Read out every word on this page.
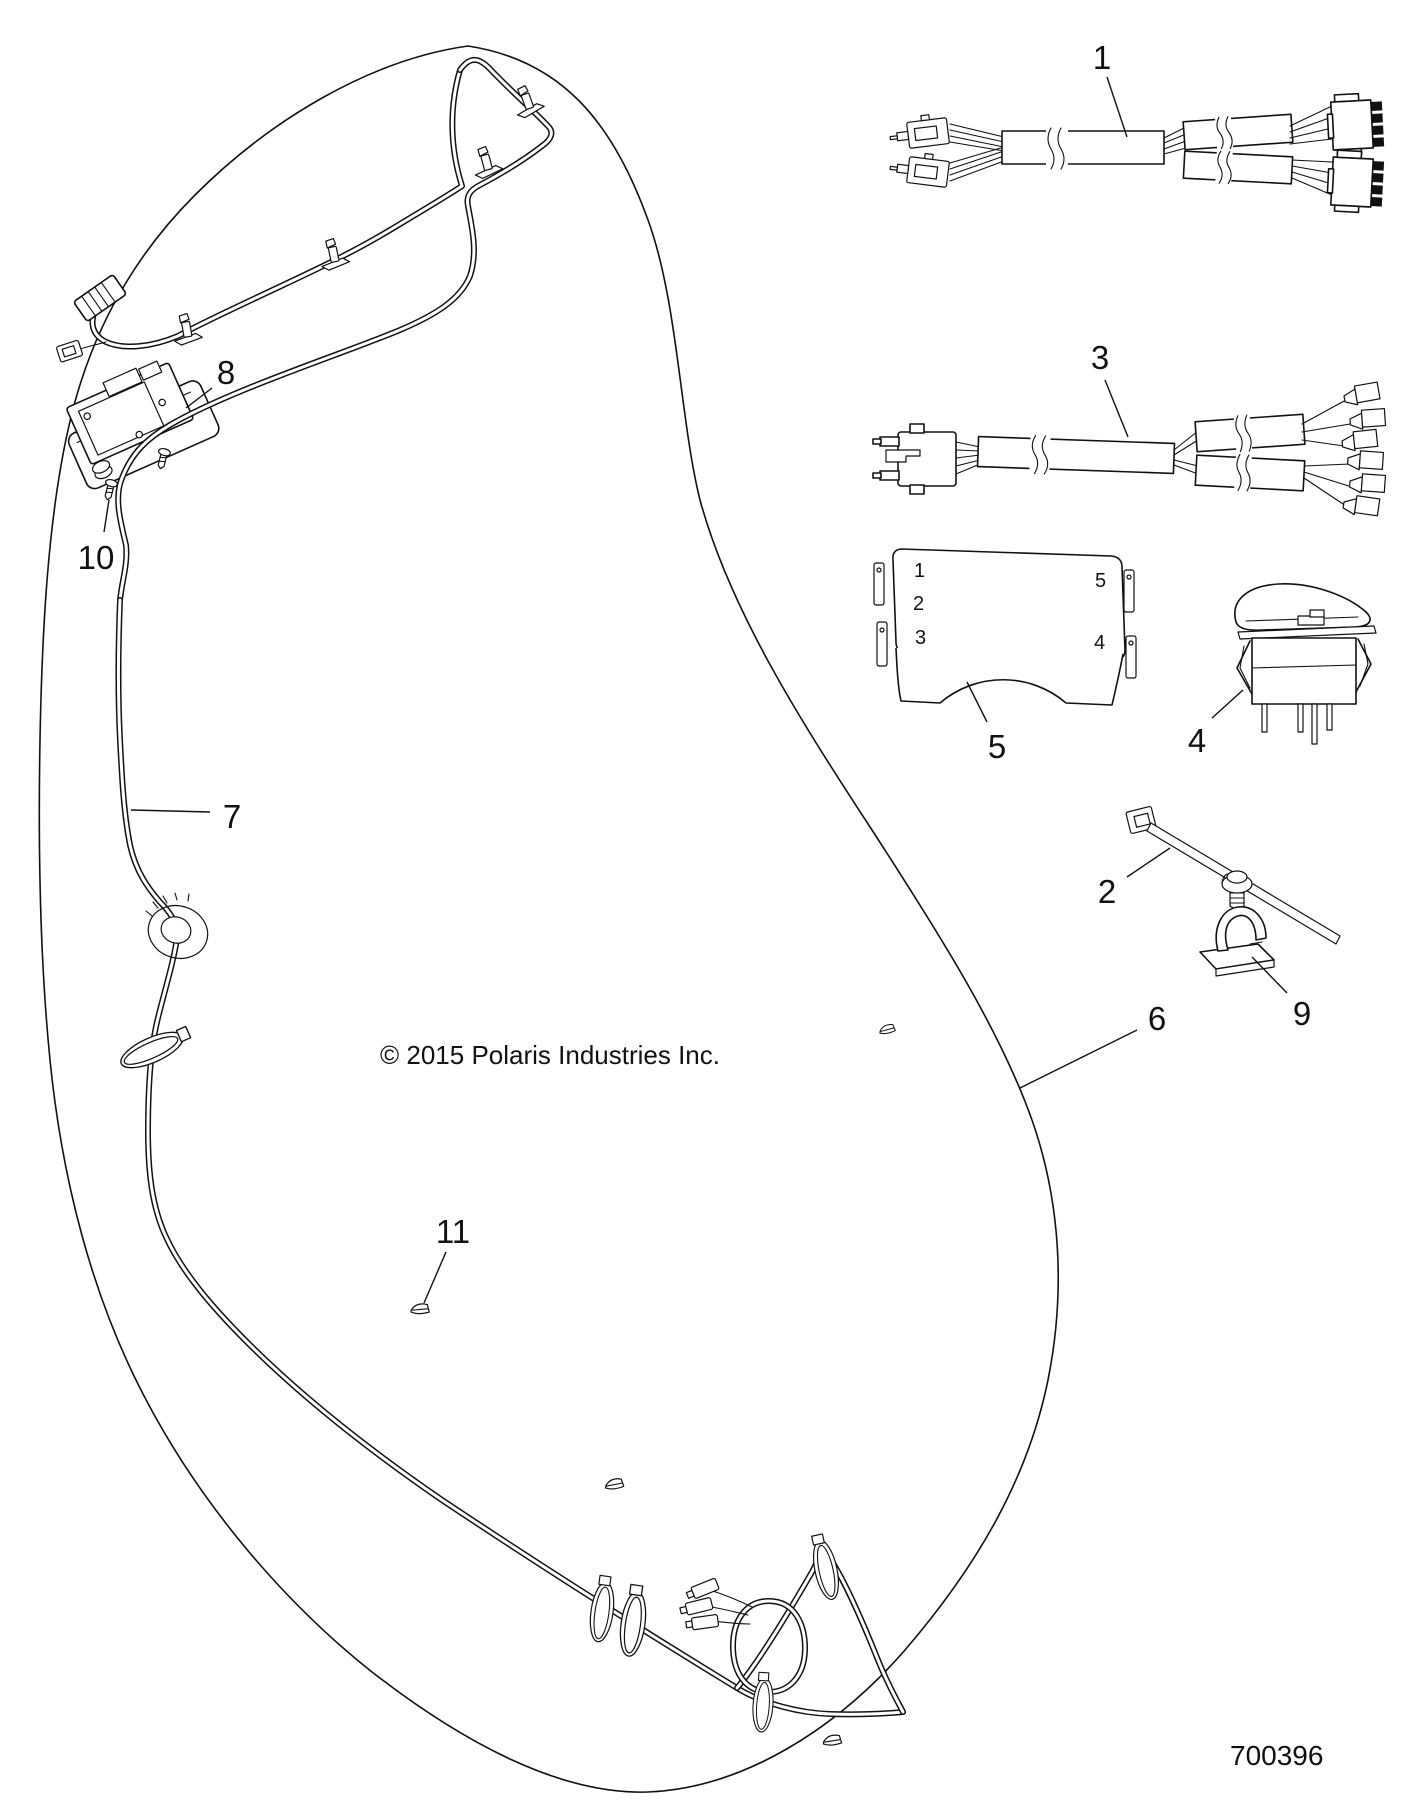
1
2
3
5
4
1
3
5	4
2
9
6
7
8
10
11
© 2015 Polaris Industries Inc.
700396
